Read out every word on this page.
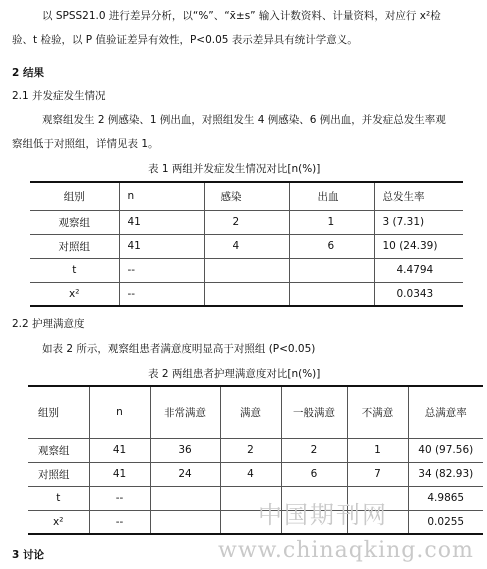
以 SPSS21.0 进行差异分析，以“%”、“x̄±s” 输入计数资料、计量资料，对应行 x²检
验、t 检验，以 P 值验证差异有效性，P<0.05 表示差异具有统计学意义。
2 结果
2.1 并发症发生情况
观察组发生 2 例感染、1 例出血，对照组发生 4 例感染、6 例出血，并发症总发生率观
察组低于对照组，详情见表 1。
表 1 两组并发症发生情况对比[n(%)]
组别	n	感染	出血	总发生率
观察组	41	2	1	3 (7.31)
对照组	41	4	6	10 (24.39)
t	--			4.4794
x²	--			0.0343
2.2 护理满意度
如表 2 所示，观察组患者满意度明显高于对照组 (P<0.05)
表 2 两组患者护理满意度对比[n(%)]
组别	n	非常满意	满意	一般满意	不满意	总满意率
观察组	41	36	2	2	1	40 (97.56)
对照组	41	24	4	6	7	34 (82.93)
t	--					4.9865
x²	--					0.0255
3 讨论
中国期刊网
www.chinaqking.com
